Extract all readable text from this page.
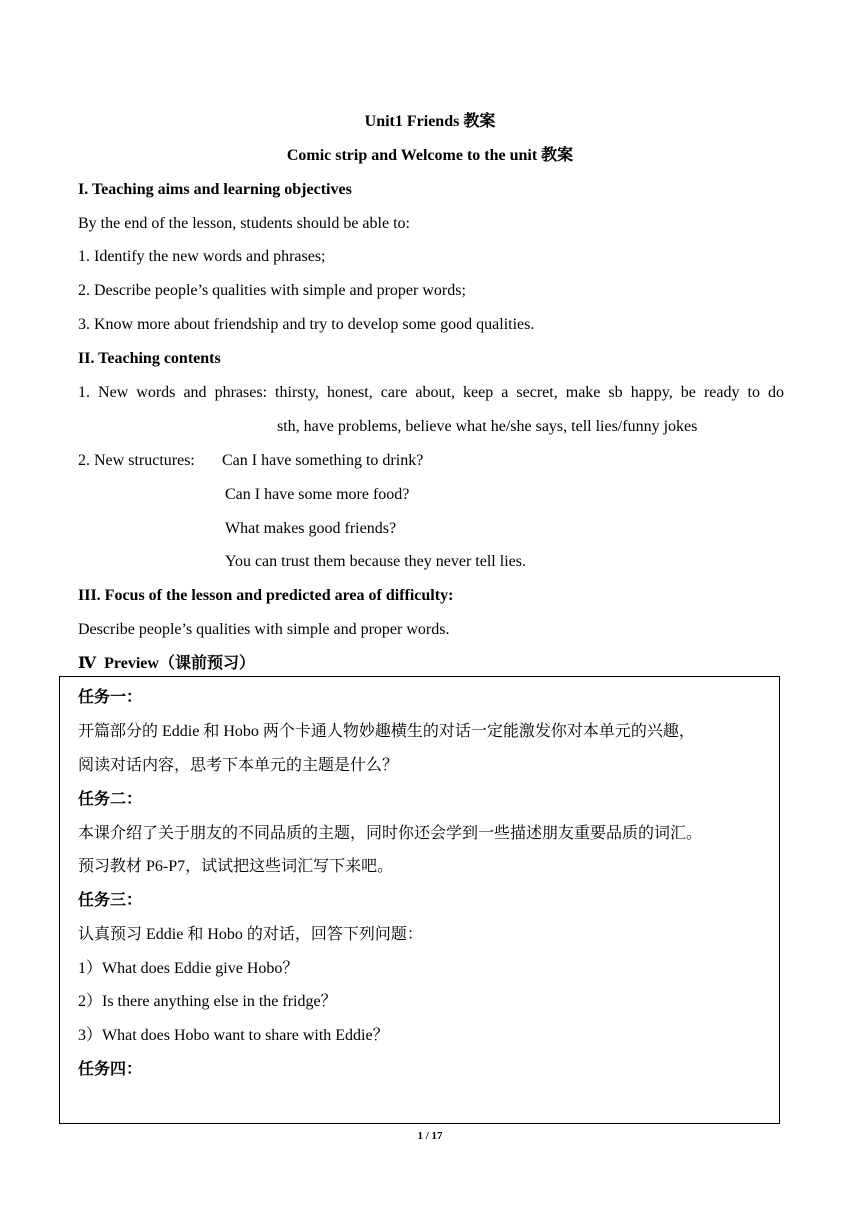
Unit1 Friends 教案
Comic strip and Welcome to the unit 教案
I. Teaching aims and learning objectives
By the end of the lesson, students should be able to:
1. Identify the new words and phrases;
2. Describe people’s qualities with simple and proper words;
3. Know more about friendship and try to develop some good qualities.
II. Teaching contents
1. New words and phrases: thirsty, honest, care about, keep a secret, make sb happy, be ready to do
sth, have problems, believe what he/she says, tell lies/funny jokes
2. New structures: Can I have something to drink?
Can I have some more food?
What makes good friends?
You can trust them because they never tell lies.
III. Focus of the lesson and predicted area of difficulty:
Describe people’s qualities with simple and proper words.
Ⅳ  Preview（课前预习）
任务一：
开篇部分的 Eddie 和 Hobo 两个卡通人物妙趣横生的对话一定能激发你对本单元的兴趣，
阅读对话内容，思考下本单元的主题是什么？
任务二：
本课介绍了关于朋友的不同品质的主题，同时你还会学到一些描述朋友重要品质的词汇。
预习教材 P6-P7，试试把这些词汇写下来吧。
任务三：
认真预习 Eddie 和 Hobo 的对话，回答下列问题：
1）What does Eddie give Hobo？
2）Is there anything else in the fridge？
3）What does Hobo want to share with Eddie？
任务四：
1 / 17
